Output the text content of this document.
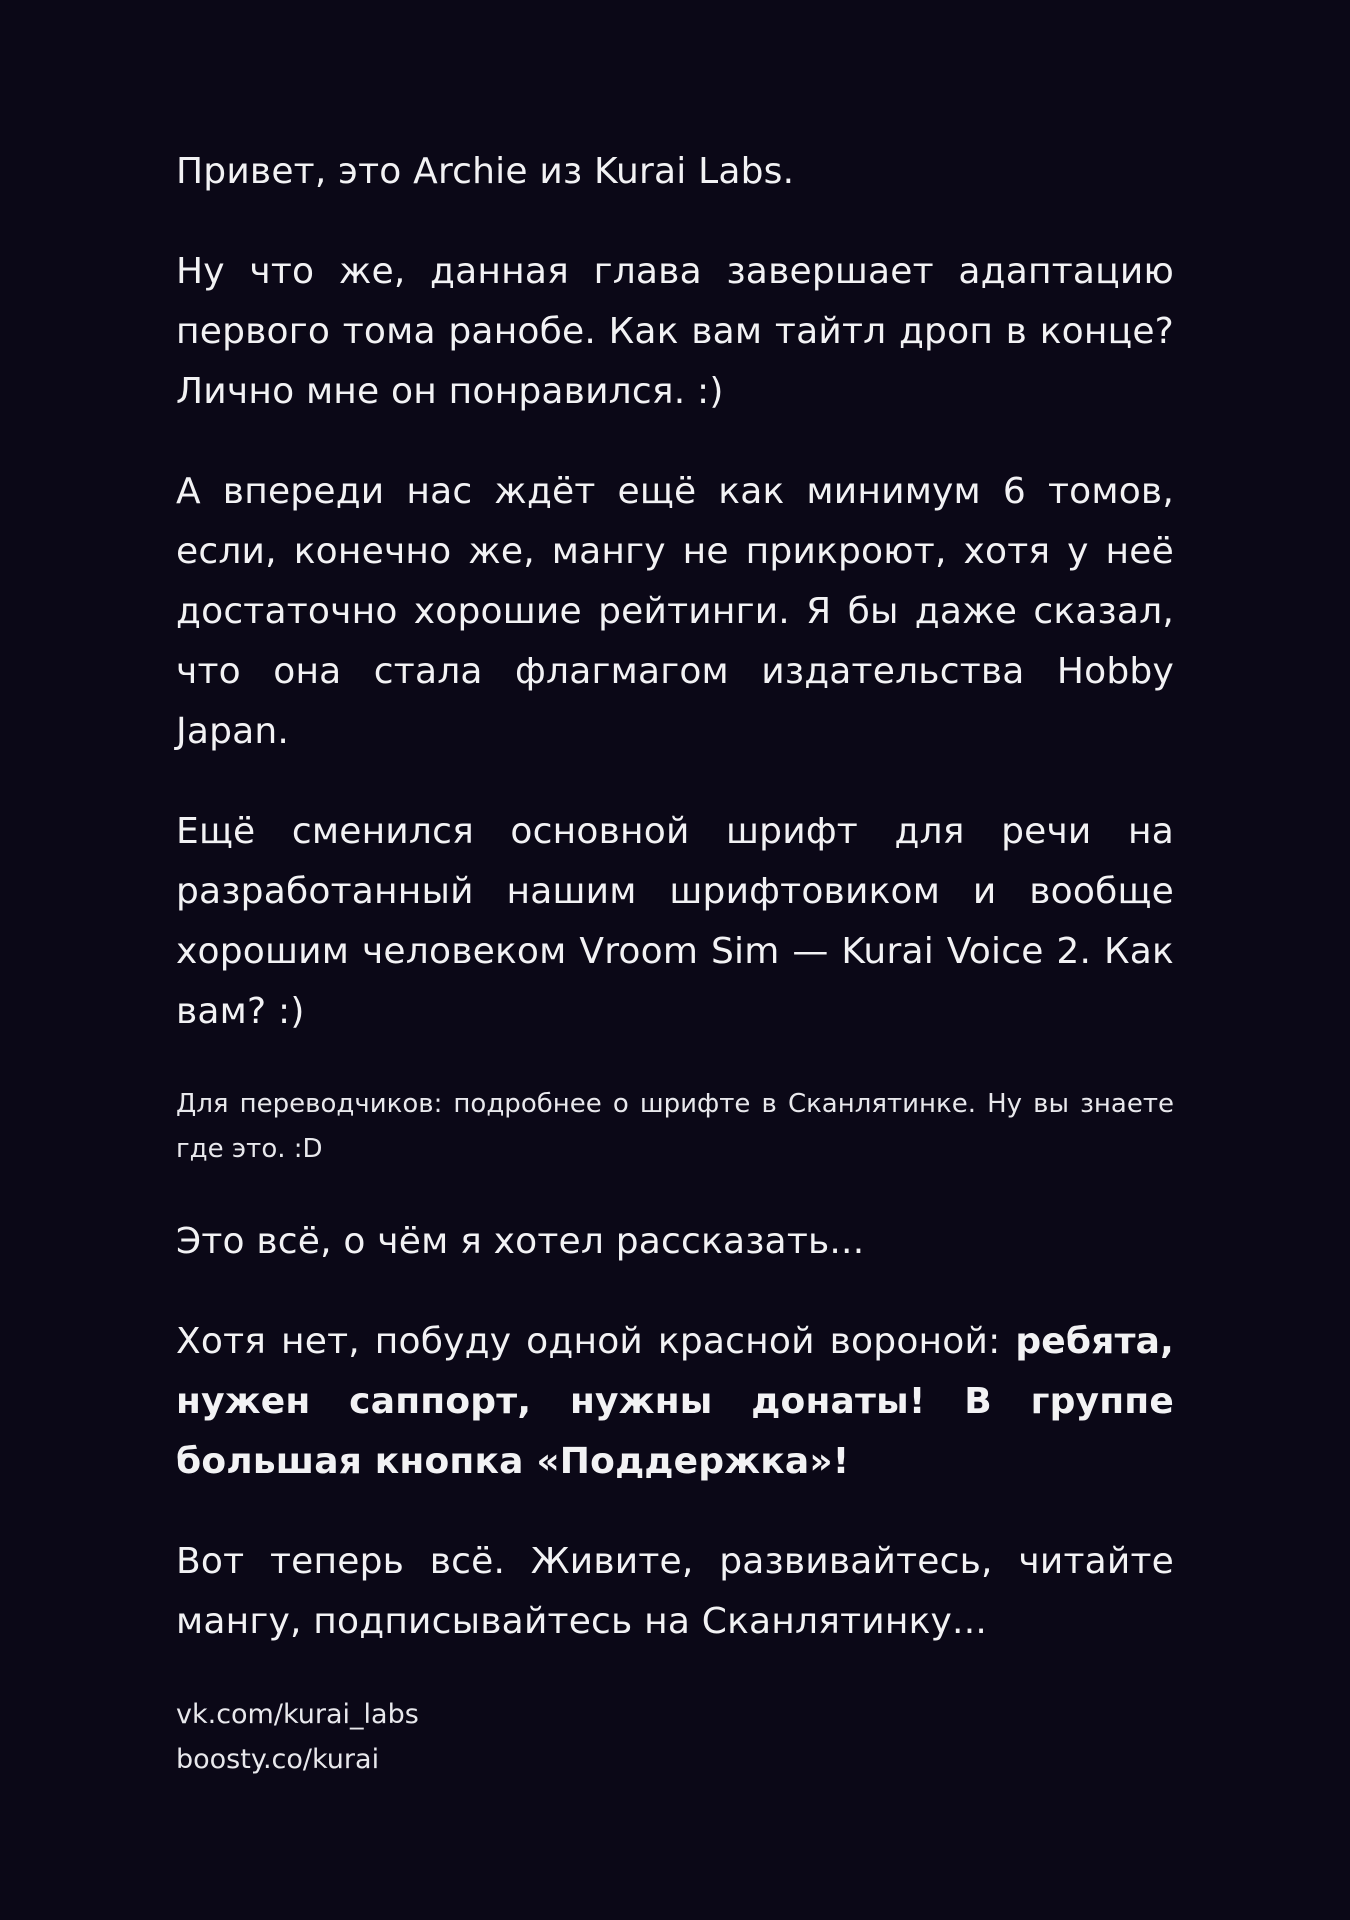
Привет, это Archie из Kurai Labs.

Ну что же, данная глава завершает адаптацию первого тома ранобе. Как вам тайтл дроп в конце? Лично мне он понравился. :)

А впереди нас ждёт ещё как минимум 6 томов, если, конечно же, мангу не прикроют, хотя у неё достаточно хорошие рейтинги. Я бы даже сказал, что она стала флагмагом издательства Hobby Japan.

Ещё сменился основной шрифт для речи на разработанный нашим шрифтовиком и вообще хорошим человеком Vroom Sim — Kurai Voice 2. Как вам? :)

Для переводчиков: подробнее о шрифте в Сканлятинке. Ну вы знаете где это. :D

Это всё, о чём я хотел рассказать...

Хотя нет, побуду одной красной вороной: ребята, нужен саппорт, нужны донаты! В группе большая кнопка «Поддержка»!

Вот теперь всё. Живите, развивайтесь, читайте мангу, подписывайтесь на Сканлятинку...

vk.com/kurai_labs
boosty.co/kurai
